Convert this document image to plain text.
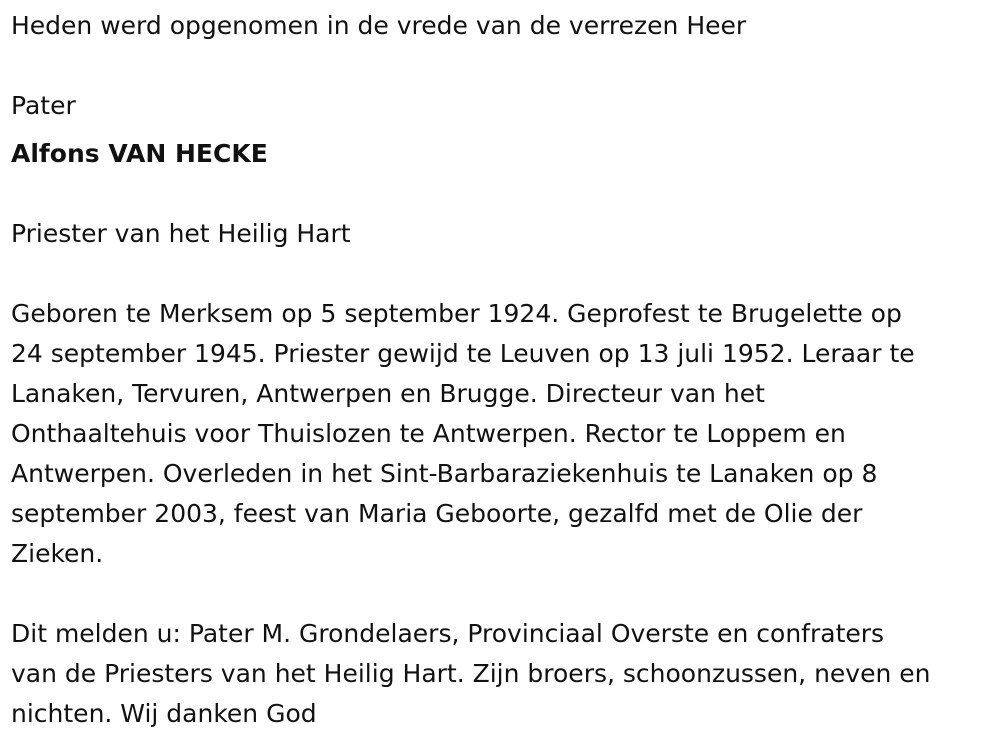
Heden werd opgenomen in de vrede van de verrezen Heer

Pater

Alfons VAN HECKE

Priester van het Heilig Hart

Geboren te Merksem op 5 september 1924. Geprofest te Brugelette op
24 september 1945. Priester gewijd te Leuven op 13 juli 1952. Leraar te
Lanaken, Tervuren, Antwerpen en Brugge. Directeur van het
Onthaaltehuis voor Thuislozen te Antwerpen. Rector te Loppem en
Antwerpen. Overleden in het Sint-Barbaraziekenhuis te Lanaken op 8
september 2003, feest van Maria Geboorte, gezalfd met de Olie der
Zieken.
Dit melden u: Pater M. Grondelaers, Provinciaal Overste en confraters
van de Priesters van het Heilig Hart. Zijn broers, schoonzussen, neven en
nichten. Wij danken God
